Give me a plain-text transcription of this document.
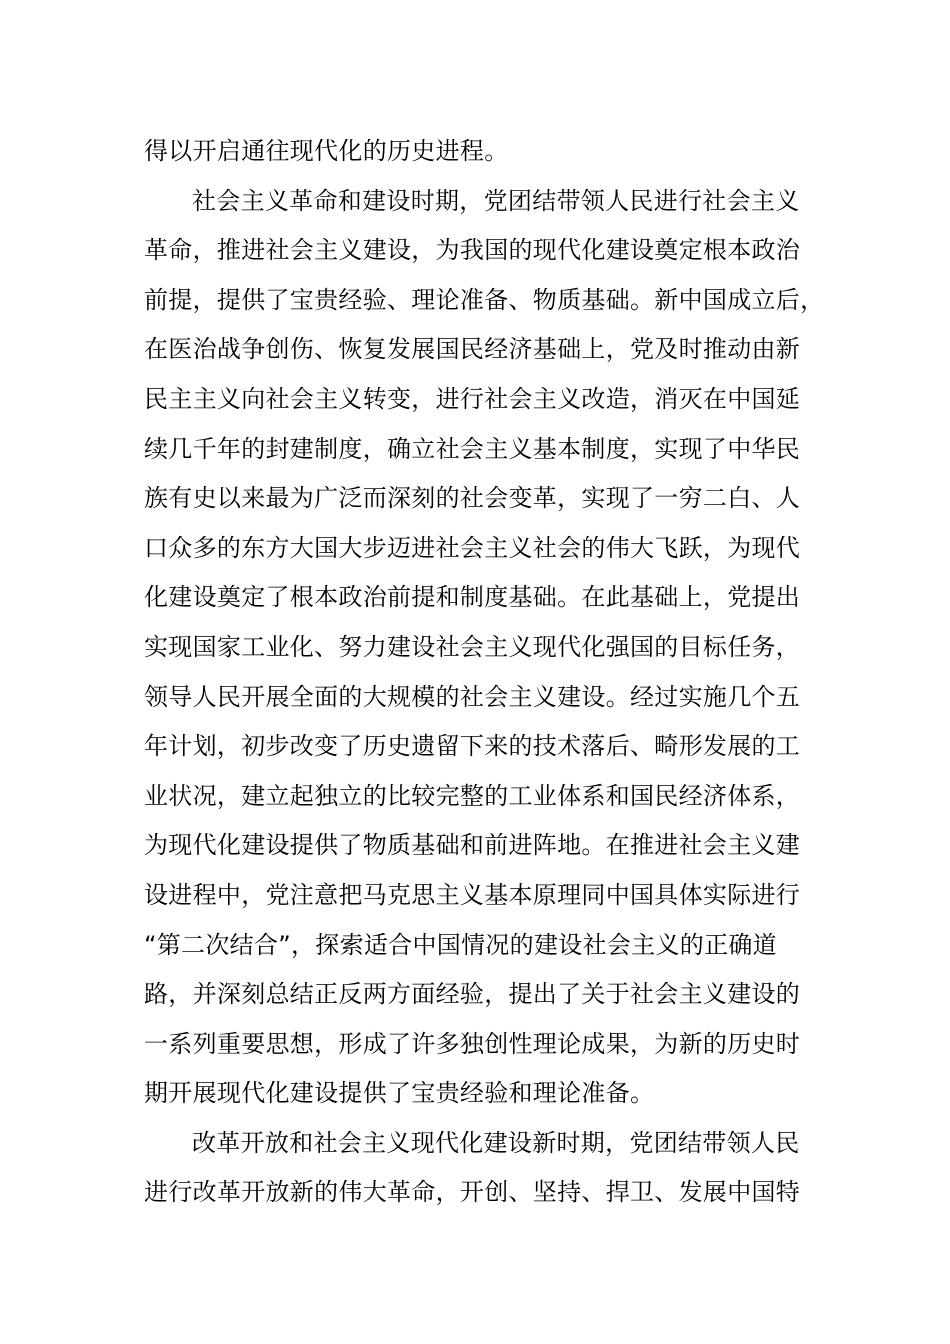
得以开启通往现代化的历史进程。
社会主义革命和建设时期，党团结带领人民进行社会主义
革命，推进社会主义建设，为我国的现代化建设奠定根本政治
前提，提供了宝贵经验、理论准备、物质基础。新中国成立后，
在医治战争创伤、恢复发展国民经济基础上，党及时推动由新
民主主义向社会主义转变，进行社会主义改造，消灭在中国延
续几千年的封建制度，确立社会主义基本制度，实现了中华民
族有史以来最为广泛而深刻的社会变革，实现了一穷二白、人
口众多的东方大国大步迈进社会主义社会的伟大飞跃，为现代
化建设奠定了根本政治前提和制度基础。在此基础上，党提出
实现国家工业化、努力建设社会主义现代化强国的目标任务，
领导人民开展全面的大规模的社会主义建设。经过实施几个五
年计划，初步改变了历史遗留下来的技术落后、畸形发展的工
业状况，建立起独立的比较完整的工业体系和国民经济体系，
为现代化建设提供了物质基础和前进阵地。在推进社会主义建
设进程中，党注意把马克思主义基本原理同中国具体实际进行
“第二次结合”，探索适合中国情况的建设社会主义的正确道
路，并深刻总结正反两方面经验，提出了关于社会主义建设的
一系列重要思想，形成了许多独创性理论成果，为新的历史时
期开展现代化建设提供了宝贵经验和理论准备。
改革开放和社会主义现代化建设新时期，党团结带领人民
进行改革开放新的伟大革命，开创、坚持、捍卫、发展中国特
